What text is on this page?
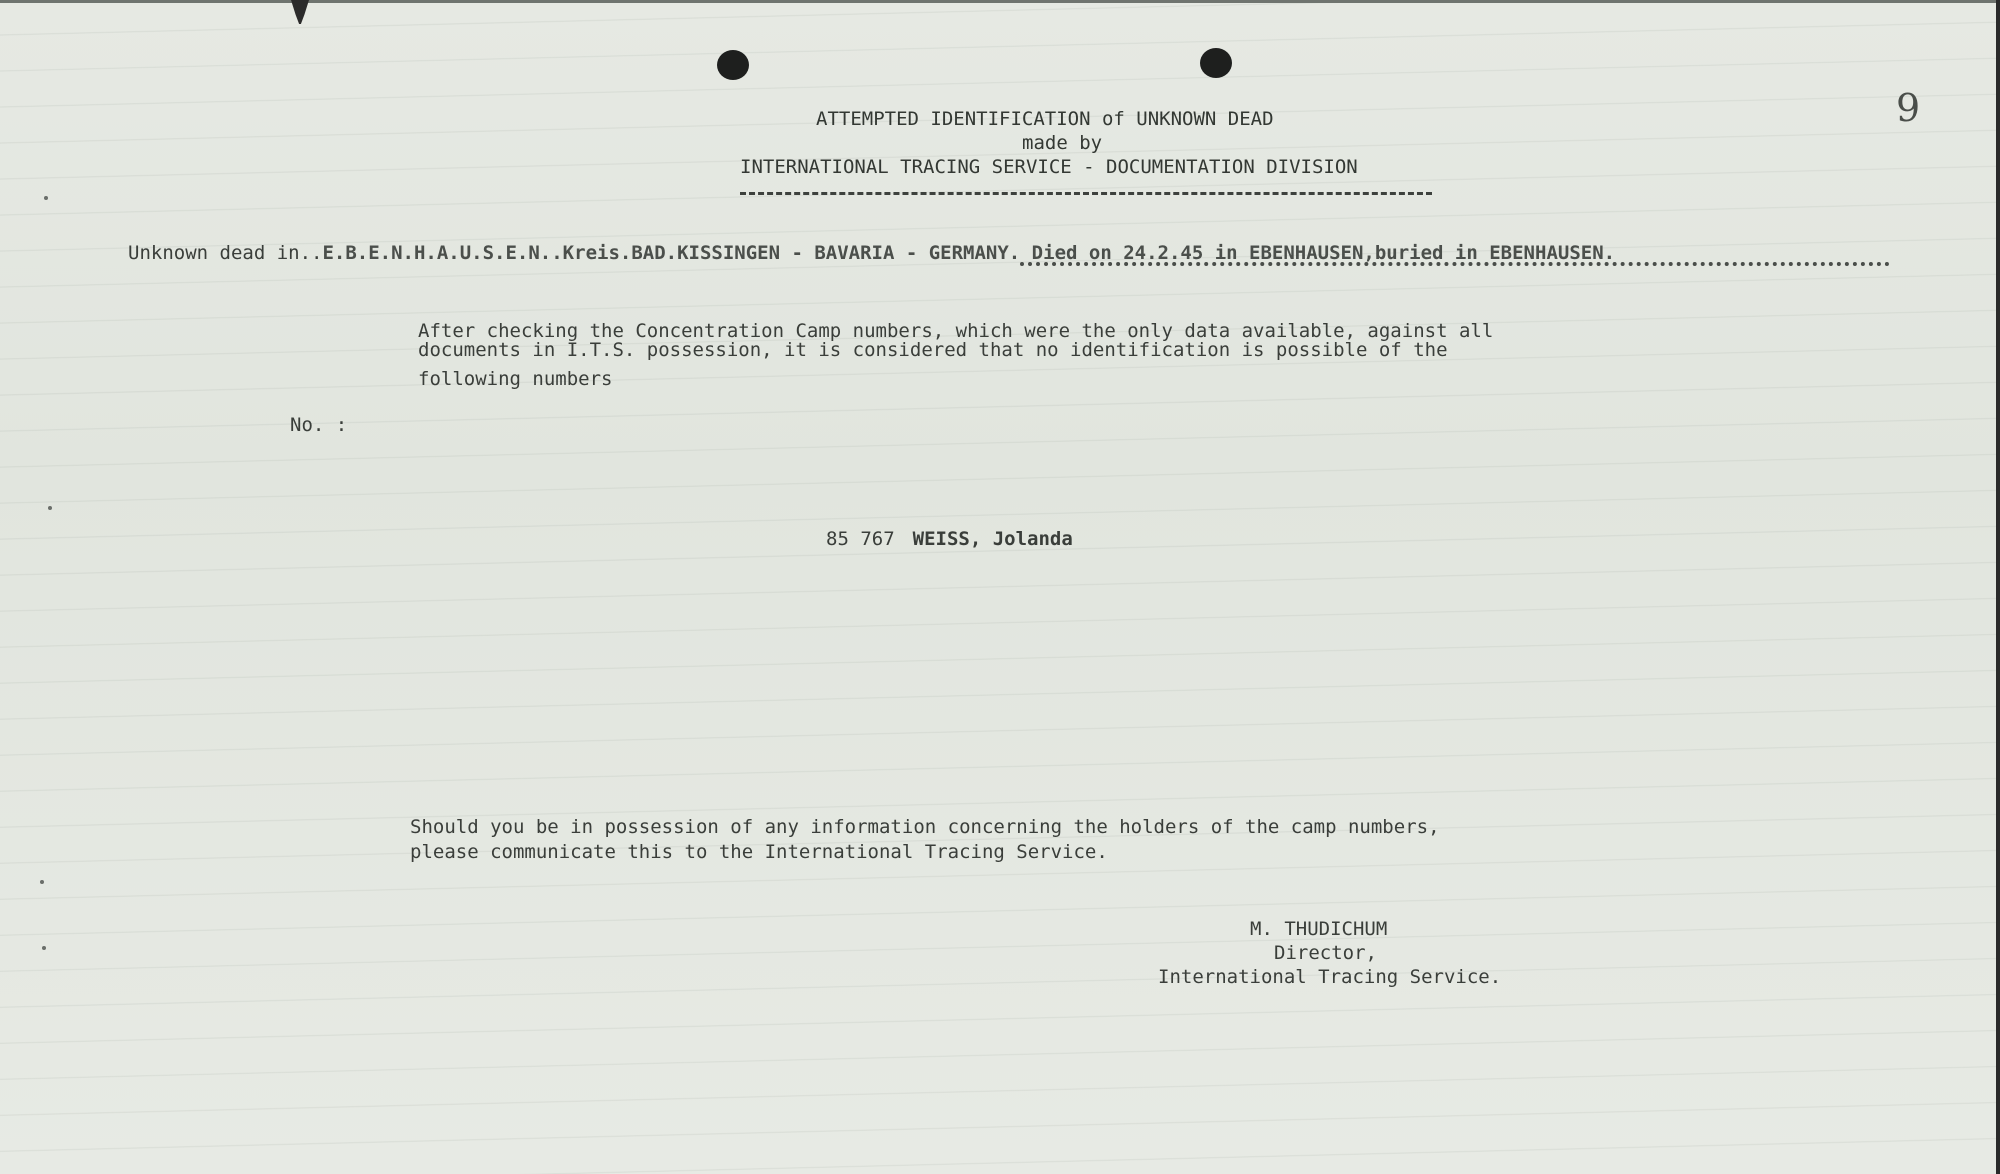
9
ATTEMPTED IDENTIFICATION of UNKNOWN DEAD
made by
INTERNATIONAL TRACING SERVICE - DOCUMENTATION DIVISION
Unknown dead in..E.B.E.N.H.A.U.S.E.N..Kreis.BAD.KISSINGEN - BAVARIA - GERMANY. Died on 24.2.45 in EBENHAUSEN,buried in EBENHAUSEN.
After checking the Concentration Camp numbers, which were the only data available, against all
documents in I.T.S. possession, it is considered that no identification is possible of the
following numbers
No. :
85 767 WEISS, Jolanda
Should you be in possession of any information concerning the holders of the camp numbers,
please communicate this to the International Tracing Service.
M. THUDICHUM
Director,
International Tracing Service.
